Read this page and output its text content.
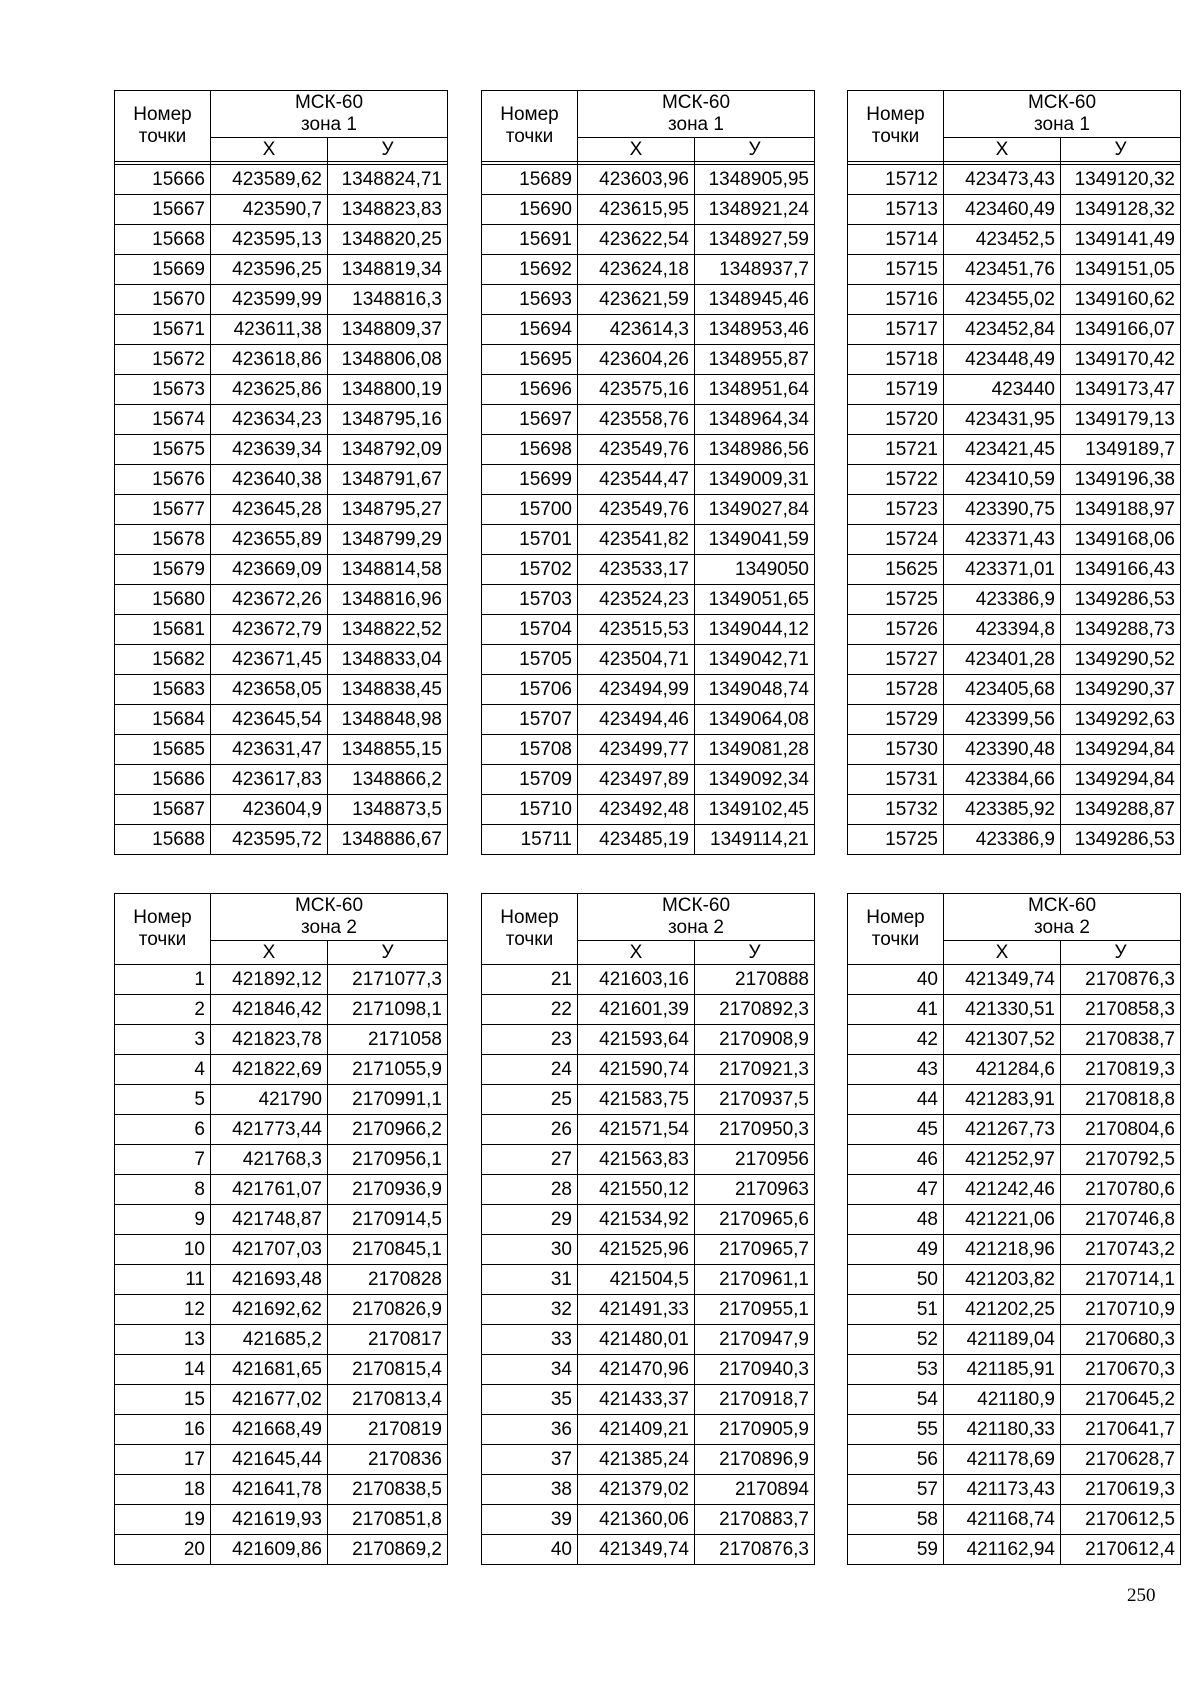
Номер
точки	МСК-60
зона 1	
	Х	У

15666	423589,62	1348824,71
15667	423590,7	1348823,83
15668	423595,13	1348820,25
15669	423596,25	1348819,34
15670	423599,99	1348816,3
15671	423611,38	1348809,37
15672	423618,86	1348806,08
15673	423625,86	1348800,19
15674	423634,23	1348795,16
15675	423639,34	1348792,09
15676	423640,38	1348791,67
15677	423645,28	1348795,27
15678	423655,89	1348799,29
15679	423669,09	1348814,58
15680	423672,26	1348816,96
15681	423672,79	1348822,52
15682	423671,45	1348833,04
15683	423658,05	1348838,45
15684	423645,54	1348848,98
15685	423631,47	1348855,15
15686	423617,83	1348866,2
15687	423604,9	1348873,5
15688	423595,72	1348886,67
Номер
точки	МСК-60
зона 1	
	Х	У

15689	423603,96	1348905,95
15690	423615,95	1348921,24
15691	423622,54	1348927,59
15692	423624,18	1348937,7
15693	423621,59	1348945,46
15694	423614,3	1348953,46
15695	423604,26	1348955,87
15696	423575,16	1348951,64
15697	423558,76	1348964,34
15698	423549,76	1348986,56
15699	423544,47	1349009,31
15700	423549,76	1349027,84
15701	423541,82	1349041,59
15702	423533,17	1349050
15703	423524,23	1349051,65
15704	423515,53	1349044,12
15705	423504,71	1349042,71
15706	423494,99	1349048,74
15707	423494,46	1349064,08
15708	423499,77	1349081,28
15709	423497,89	1349092,34
15710	423492,48	1349102,45
15711	423485,19	1349114,21
Номер
точки	МСК-60
зона 1	
	Х	У

15712	423473,43	1349120,32
15713	423460,49	1349128,32
15714	423452,5	1349141,49
15715	423451,76	1349151,05
15716	423455,02	1349160,62
15717	423452,84	1349166,07
15718	423448,49	1349170,42
15719	423440	1349173,47
15720	423431,95	1349179,13
15721	423421,45	1349189,7
15722	423410,59	1349196,38
15723	423390,75	1349188,97
15724	423371,43	1349168,06
15625	423371,01	1349166,43
15725	423386,9	1349286,53
15726	423394,8	1349288,73
15727	423401,28	1349290,52
15728	423405,68	1349290,37
15729	423399,56	1349292,63
15730	423390,48	1349294,84
15731	423384,66	1349294,84
15732	423385,92	1349288,87
15725	423386,9	1349286,53
Номер
точки	МСК-60
зона 2	
	Х	У
1	421892,12	2171077,3
2	421846,42	2171098,1
3	421823,78	2171058
4	421822,69	2171055,9
5	421790	2170991,1
6	421773,44	2170966,2
7	421768,3	2170956,1
8	421761,07	2170936,9
9	421748,87	2170914,5
10	421707,03	2170845,1
11	421693,48	2170828
12	421692,62	2170826,9
13	421685,2	2170817
14	421681,65	2170815,4
15	421677,02	2170813,4
16	421668,49	2170819
17	421645,44	2170836
18	421641,78	2170838,5
19	421619,93	2170851,8
20	421609,86	2170869,2
Номер
точки	МСК-60
зона 2	
	Х	У
21	421603,16	2170888
22	421601,39	2170892,3
23	421593,64	2170908,9
24	421590,74	2170921,3
25	421583,75	2170937,5
26	421571,54	2170950,3
27	421563,83	2170956
28	421550,12	2170963
29	421534,92	2170965,6
30	421525,96	2170965,7
31	421504,5	2170961,1
32	421491,33	2170955,1
33	421480,01	2170947,9
34	421470,96	2170940,3
35	421433,37	2170918,7
36	421409,21	2170905,9
37	421385,24	2170896,9
38	421379,02	2170894
39	421360,06	2170883,7
40	421349,74	2170876,3
Номер
точки	МСК-60
зона 2	
	Х	У
40	421349,74	2170876,3
41	421330,51	2170858,3
42	421307,52	2170838,7
43	421284,6	2170819,3
44	421283,91	2170818,8
45	421267,73	2170804,6
46	421252,97	2170792,5
47	421242,46	2170780,6
48	421221,06	2170746,8
49	421218,96	2170743,2
50	421203,82	2170714,1
51	421202,25	2170710,9
52	421189,04	2170680,3
53	421185,91	2170670,3
54	421180,9	2170645,2
55	421180,33	2170641,7
56	421178,69	2170628,7
57	421173,43	2170619,3
58	421168,74	2170612,5
59	421162,94	2170612,4
250
